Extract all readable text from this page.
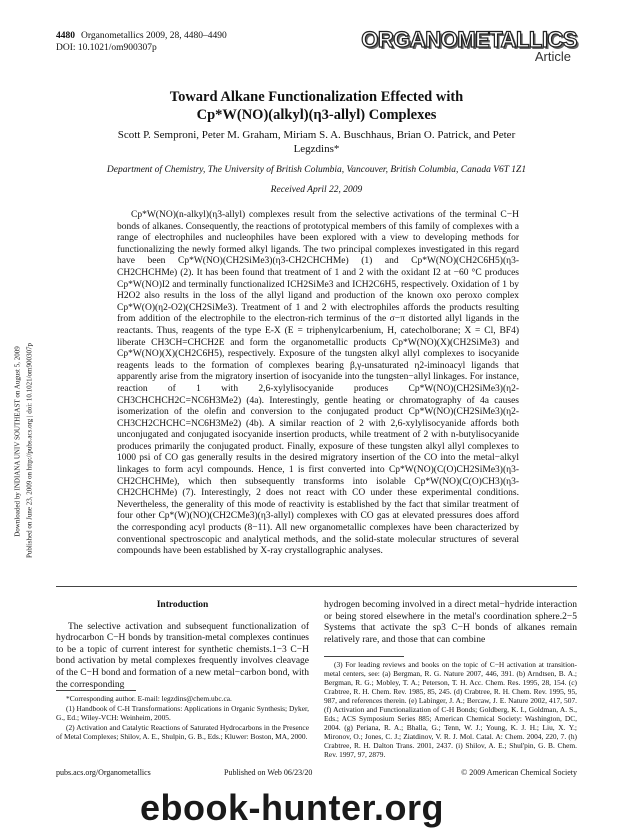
4480 Organometallics 2009, 28, 4480–4490
DOI: 10.1021/om900307p	ORGANOMETALLICS
Article
Downloaded by INDIANA UNIV SOUTHEAST on August 5, 2009 Published on June 23, 2009 on http://pubs.acs.org | doi: 10.1021/om900307p
Toward Alkane Functionalization Effected with
Cp*W(NO)(alkyl)(η3-allyl) Complexes
Scott P. Semproni, Peter M. Graham, Miriam S. A. Buschhaus, Brian O. Patrick, and Peter Legzdins*
Department of Chemistry, The University of British Columbia, Vancouver, British Columbia, Canada V6T 1Z1
Received April 22, 2009

Cp*W(NO)(n-alkyl)(η3-allyl) complexes result from the selective activations of the terminal C−H bonds of alkanes. Consequently, the reactions of prototypical members of this family of complexes with a range of electrophiles and nucleophiles have been explored with a view to developing methods for functionalizing the newly formed alkyl ligands. The two principal complexes investigated in this regard have been Cp*W(NO)(CH2SiMe3)(η3-CH2CHCHMe) (1) and Cp*W(NO)(CH2C6H5)(η3-CH2CHCHMe) (2). It has been found that treatment of 1 and 2 with the oxidant I2 at −60 °C produces Cp*W(NO)I2 and terminally functionalized ICH2SiMe3 and ICH2C6H5, respectively. Oxidation of 1 by H2O2 also results in the loss of the allyl ligand and production of the known oxo peroxo complex Cp*W(O)(η2-O2)(CH2SiMe3). Treatment of 1 and 2 with electrophiles affords the products resulting from addition of the electrophile to the electron-rich terminus of the σ−π distorted allyl ligands in the reactants. Thus, reagents of the type E-X (E = triphenylcarbenium, H, catecholborane; X = Cl, BF4) liberate CH3CH=CHCH2E and form the organometallic products Cp*W(NO)(X)(CH2SiMe3) and Cp*W(NO)(X)(CH2C6H5), respectively. Exposure of the tungsten alkyl allyl complexes to isocyanide reagents leads to the formation of complexes bearing β,γ-unsaturated η2-iminoacyl ligands that apparently arise from the migratory insertion of isocyanide into the tungsten−allyl linkages. For instance, reaction of 1 with 2,6-xylylisocyanide produces Cp*W(NO)(CH2SiMe3)(η2-CH3CHCHCH2C=NC6H3Me2) (4a). Interestingly, gentle heating or chromatography of 4a causes isomerization of the olefin and conversion to the conjugated product Cp*W(NO)(CH2SiMe3)(η2-CH3CH2CHCHC=NC6H3Me2) (4b). A similar reaction of 2 with 2,6-xylylisocyanide affords both unconjugated and conjugated isocyanide insertion products, while treatment of 2 with n-butylisocyanide produces primarily the conjugated product. Finally, exposure of these tungsten alkyl allyl complexes to 1000 psi of CO gas generally results in the desired migratory insertion of the CO into the metal−alkyl linkages to form acyl compounds. Hence, 1 is first converted into Cp*W(NO)(C(O)CH2SiMe3)(η3-CH2CHCHMe), which then subsequently transforms into isolable Cp*W(NO)(C(O)CH3)(η3-CH2CHCHMe) (7). Interestingly, 2 does not react with CO under these experimental conditions. Nevertheless, the generality of this mode of reactivity is established by the fact that similar treatment of four other Cp*(W)(NO)(CH2CMe3)(η3-allyl) complexes with CO gas at elevated pressures does afford the corresponding acyl products (8−11). All new organometallic complexes have been characterized by conventional spectroscopic and analytical methods, and the solid-state molecular structures of several compounds have been established by X-ray crystallographic analyses.

Introduction

The selective activation and subsequent functionalization of hydrocarbon C−H bonds by transition-metal complexes continues to be a topic of current interest for synthetic chemists.1−3 C−H bond activation by metal complexes frequently involves cleavage of the C−H bond and formation of a new metal−carbon bond, with the corresponding

hydrogen becoming involved in a direct metal−hydride interaction or being stored elsewhere in the metal's coordination sphere.2−5 Systems that activate the sp3 C−H bonds of alkanes remain relatively rare, and those that can combine

*Corresponding author. E-mail: legzdins@chem.ubc.ca.

(1) Handbook of C-H Transformations: Applications in Organic Synthesis; Dyker, G., Ed.; Wiley-VCH: Weinheim, 2005.

(2) Activation and Catalytic Reactions of Saturated Hydrocarbons in the Presence of Metal Complexes; Shilov, A. E., Shulpin, G. B., Eds.; Kluwer: Boston, MA, 2000.

(3) For leading reviews and books on the topic of C−H activation at transition-metal centers, see: (a) Bergman, R. G. Nature 2007, 446, 391. (b) Arndtsen, B. A.; Bergman, R. G.; Mobley, T. A.; Peterson, T. H. Acc. Chem. Res. 1995, 28, 154. (c) Crabtree, R. H. Chem. Rev. 1985, 85, 245. (d) Crabtree, R. H. Chem. Rev. 1995, 95, 987, and references therein. (e) Labinger, J. A.; Bercaw, J. E. Nature 2002, 417, 507. (f) Activation and Functionalization of C-H Bonds; Goldberg, K. I., Goldman, A. S., Eds.; ACS Symposium Series 885; American Chemical Society: Washington, DC, 2004. (g) Periana, R. A.; Bhalla, G.; Tenn, W. J.; Young, K. J. H.; Liu, X. Y.; Mironov, O.; Jones, C. J.; Ziatdinov, V. R. J. Mol. Catal. A: Chem. 2004, 220, 7. (h) Crabtree, R. H. Dalton Trans. 2001, 2437. (i) Shilov, A. E.; Shul'pin, G. B. Chem. Rev. 1997, 97, 2879.

pubs.acs.org/Organometallics	Published on Web 06/23/20	© 2009 American Chemical Society
ebook-hunter.org
